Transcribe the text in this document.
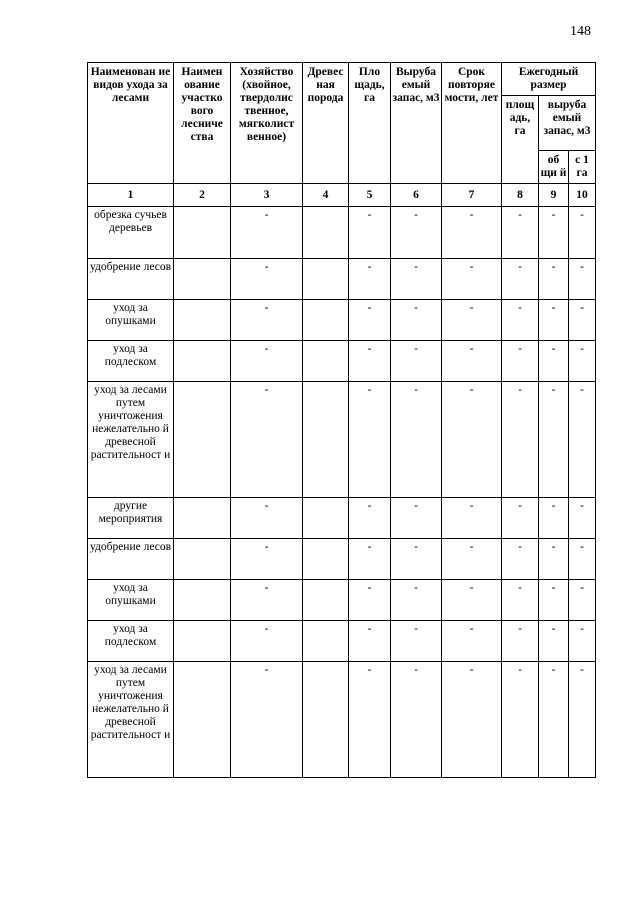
148
Наименован ие видов ухода за лесами	Наимен ование участко вого лесниче ства	Хозяйство (хвойное, твердолис твенное, мягколист венное)	Древес ная порода	Пло щадь, га	Выруба емый запас, м3	Срок повторяе мости, лет	Ежегодный размер		
							площ адь, га	выруба емый запас, м3	
								об щи й	с 1 га
1	2	3	4	5	6	7	8	9	10
обрезка сучьев деревьев		-		-	-	-	-	-	-
удобрение лесов		-		-	-	-	-	-	-
уход за опушками		-		-	-	-	-	-	-
уход за подлеском		-		-	-	-	-	-	-
уход за лесами путем уничтожения нежелательно й древесной растительност и		-		-	-	-	-	-	-
другие мероприятия		-		-	-	-	-	-	-
удобрение лесов		-		-	-	-	-	-	-
уход за опушками		-		-	-	-	-	-	-
уход за подлеском		-		-	-	-	-	-	-
уход за лесами путем уничтожения нежелательно й древесной растительност и		-		-	-	-	-	-	-
